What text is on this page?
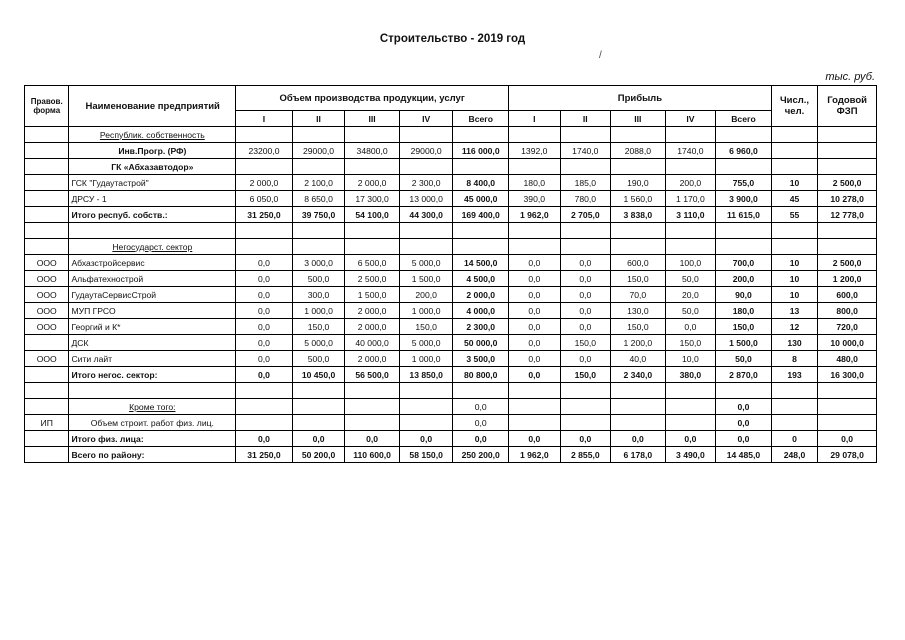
Строительство - 2019 год
/
тыс. руб.
Правов. форма	Наименование предприятий	Объем производства продукции, услуг					Прибыль					Числ., чел.	Годовой ФЗП
		I	II	III	IV	Всего	I	II	III	IV	Всего		
	Республик. собственность												
	Инв.Прогр. (РФ)	23200,0	29000,0	34800,0	29000,0	116 000,0	1392,0	1740,0	2088,0	1740,0	6 960,0		
	ГК «Абхазавтодор»												
	ГСК "Гудаутастрой"	2 000,0	2 100,0	2 000,0	2 300,0	8 400,0	180,0	185,0	190,0	200,0	755,0	10	2 500,0
	ДРСУ - 1	6 050,0	8 650,0	17 300,0	13 000,0	45 000,0	390,0	780,0	1 560,0	1 170,0	3 900,0	45	10 278,0
	Итого респуб. собств.:	31 250,0	39 750,0	54 100,0	44 300,0	169 400,0	1 962,0	2 705,0	3 838,0	3 110,0	11 615,0	55	12 778,0

	Негосударст. сектор												
ООО	Абхазстройсервис	0,0	3 000,0	6 500,0	5 000,0	14 500,0	0,0	0,0	600,0	100,0	700,0	10	2 500,0
ООО	Альфатехнострой	0,0	500,0	2 500,0	1 500,0	4 500,0	0,0	0,0	150,0	50,0	200,0	10	1 200,0
ООО	ГудаутаСервисСтрой	0,0	300,0	1 500,0	200,0	2 000,0	0,0	0,0	70,0	20,0	90,0	10	600,0
ООО	МУП ГРСО	0,0	1 000,0	2 000,0	1 000,0	4 000,0	0,0	0,0	130,0	50,0	180,0	13	800,0
ООО	Георгий и К*	0,0	150,0	2 000,0	150,0	2 300,0	0,0	0,0	150,0	0,0	150,0	12	720,0
	ДСК	0,0	5 000,0	40 000,0	5 000,0	50 000,0	0,0	150,0	1 200,0	150,0	1 500,0	130	10 000,0
ООО	Сити лайт	0,0	500,0	2 000,0	1 000,0	3 500,0	0,0	0,0	40,0	10,0	50,0	8	480,0
	Итого негос. сектор:	0,0	10 450,0	56 500,0	13 850,0	80 800,0	0,0	150,0	2 340,0	380,0	2 870,0	193	16 300,0

	Кроме того:					0,0					0,0		
ИП	Объем строит. работ физ. лиц.					0,0					0,0		
	Итого физ. лица:	0,0	0,0	0,0	0,0	0,0	0,0	0,0	0,0	0,0	0,0	0	0,0
	Всего по району:	31 250,0	50 200,0	110 600,0	58 150,0	250 200,0	1 962,0	2 855,0	6 178,0	3 490,0	14 485,0	248,0	29 078,0
